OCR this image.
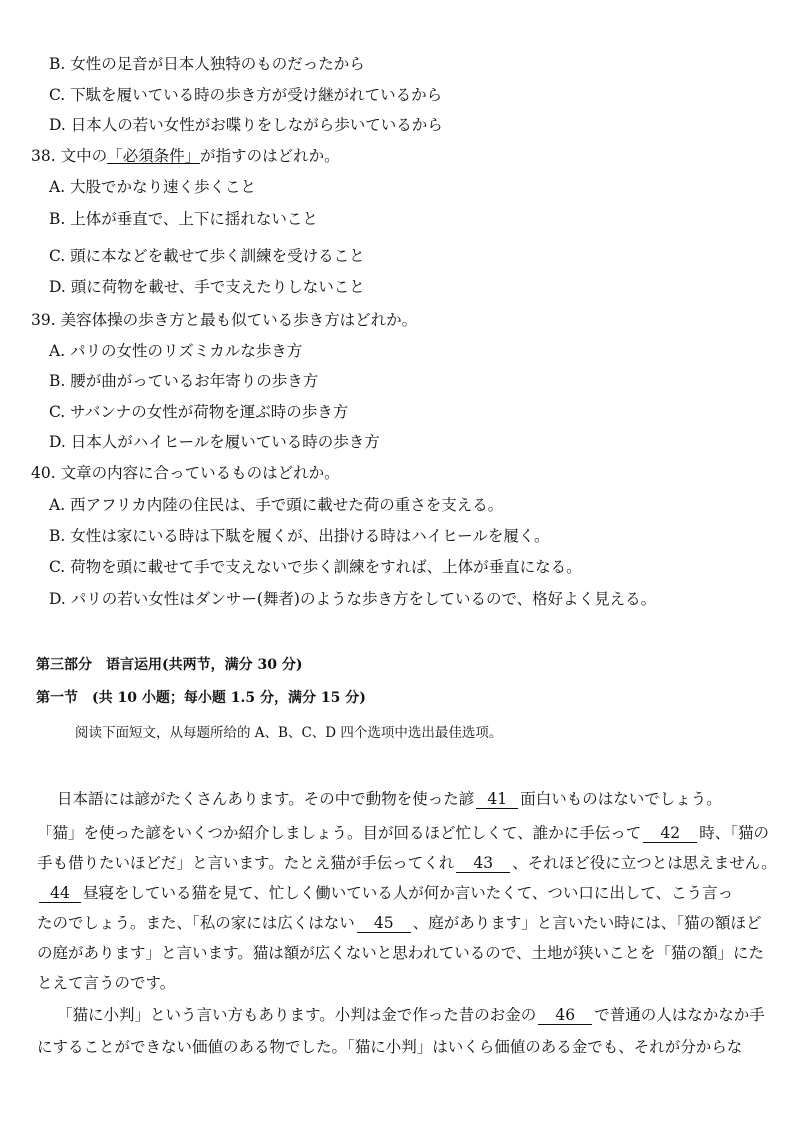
B. 女性の足音が日本人独特のものだったから
C. 下駄を履いている時の歩き方が受け継がれているから
D. 日本人の若い女性がお喋りをしながら歩いているから
38. 文中の「必須条件」が指すのはどれか。
A. 大股でかなり速く歩くこと
B. 上体が垂直で、上下に揺れないこと
C. 頭に本などを載せて歩く訓練を受けること
D. 頭に荷物を載せ、手で支えたりしないこと
39. 美容体操の歩き方と最も似ている歩き方はどれか。
A. パリの女性のリズミカルな歩き方
B. 腰が曲がっているお年寄りの歩き方
C. サバンナの女性が荷物を運ぶ時の歩き方
D. 日本人がハイヒールを履いている時の歩き方
40. 文章の内容に合っているものはどれか。
A. 西アフリカ内陸の住民は、手で頭に載せた荷の重さを支える。
B. 女性は家にいる時は下駄を履くが、出掛ける時はハイヒールを履く。
C. 荷物を頭に載せて手で支えないで歩く訓練をすれば、上体が垂直になる。
D. パリの若い女性はダンサー(舞者)のような歩き方をしているので、格好よく見える。
第三部分　语言运用(共两节，满分 30 分)
第一节　(共 10 小题；每小题 1.5 分，满分 15 分)
阅读下面短文，从每题所给的 A、B、C、D 四个选项中选出最佳选项。
日本語には諺がたくさんあります。その中で動物を使った諺 41 面白いものはないでしょう。
「猫」を使った諺をいくつか紹介しましょう。目が回るほど忙しくて、誰かに手伝って 42 時、「猫の
手も借りたいほどだ」と言います。たとえ猫が手伝ってくれ 43 、それほど役に立つとは思えません。
44 昼寝をしている猫を見て、忙しく働いている人が何か言いたくて、つい口に出して、こう言っ
たのでしょう。また、「私の家には広くはない 45 、庭があります」と言いたい時には、「猫の額ほど
の庭があります」と言います。猫は額が広くないと思われているので、土地が狭いことを「猫の額」にた
とえて言うのです。
「猫に小判」という言い方もあります。小判は金で作った昔のお金の 46 で普通の人はなかなか手
にすることができない価値のある物でした。「猫に小判」はいくら価値のある金でも、それが分からな
